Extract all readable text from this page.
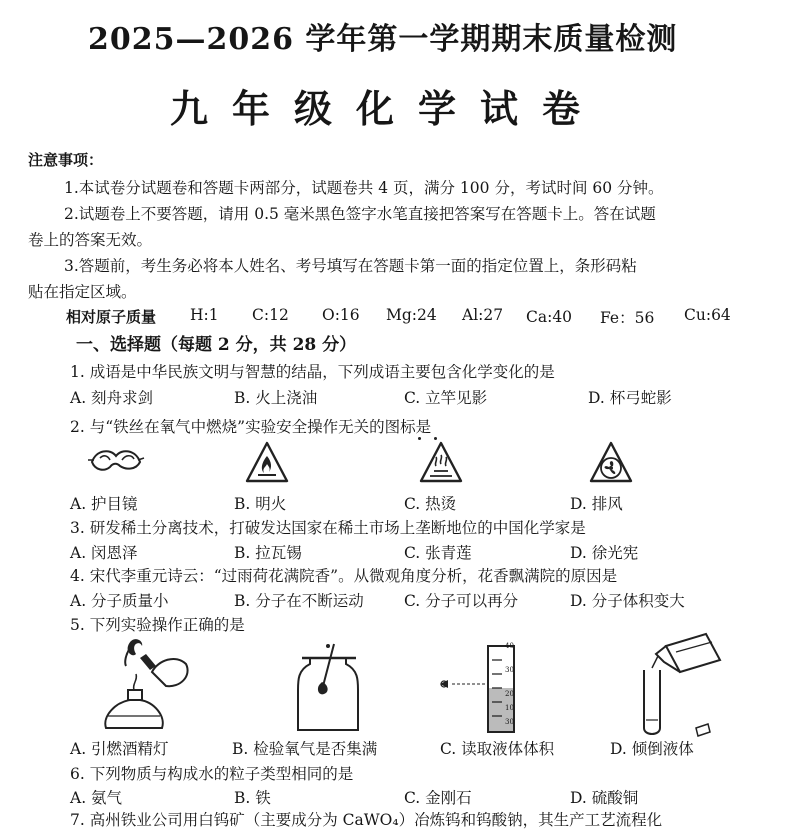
2025—2026 学年第一学期期末质量检测
九年级化学试卷
注意事项：
1.本试卷分试题卷和答题卡两部分，试题卷共 4 页，满分 100 分，考试时间 60 分钟。
2.试题卷上不要答题，请用 0.5 毫米黑色签字水笔直接把答案写在答题卡上。答在试题
卷上的答案无效。
3.答题前，考生务必将本人姓名、考号填写在答题卡第一面的指定位置上，条形码粘
贴在指定区域。
相对原子质量 H:1 C:12 O:16 Mg:24 Al:27 Ca:40 Fe：56 Cu:64
一、选择题（每题 2 分，共 28 分）
1. 成语是中华民族文明与智慧的结晶，下列成语主要包含化学变化的是
A. 刻舟求剑	B. 火上浇油	C. 立竿见影	D. 杯弓蛇影
2. 与“铁丝在氧气中燃烧”实验安全操作无关的图标是
A. 护目镜	B. 明火	C. 热烫	D. 排风
3. 研发稀土分离技术，打破发达国家在稀土市场上垄断地位的中国化学家是
A. 闵恩泽	B. 拉瓦锡	C. 张青莲	D. 徐光宪
4. 宋代李重元诗云：“过雨荷花满院香”。从微观角度分析，花香飘满院的原因是
A. 分子质量小	B. 分子在不断运动	C. 分子可以再分	D. 分子体积变大
5. 下列实验操作正确的是
40
30
20
10
30
A. 引燃酒精灯	B. 检验氧气是否集满	C. 读取液体体积	D. 倾倒液体
6. 下列物质与构成水的粒子类型相同的是
A. 氨气	B. 铁	C. 金刚石	D. 硫酸铜
7. 高州铁业公司用白钨矿（主要成分为 CaWO₄）冶炼钨和钨酸钠，其生产工艺流程化
